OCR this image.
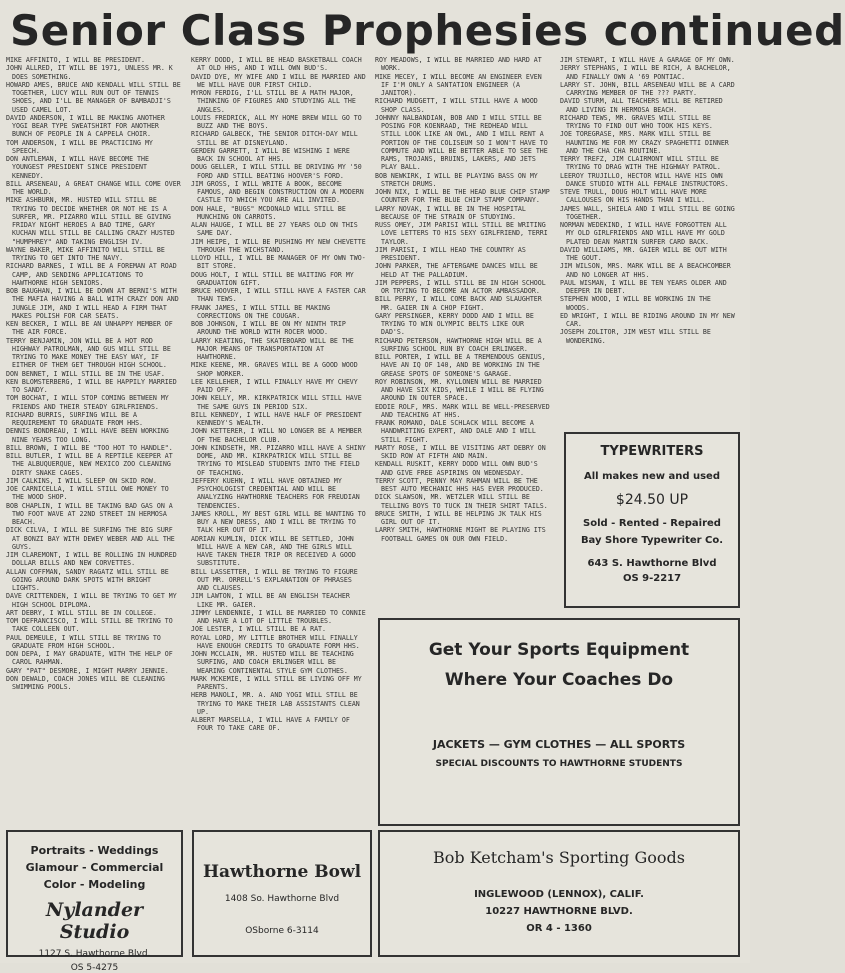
Senior Class Prophesies continued

MIKE AFFINITO, I WILL BE PRESIDENT.

JOHN ALLRED, IT WILL BE 1971, UNLESS MR. K DOES SOMETHING.

HOWARD AMES, BRUCE AND KENDALL WILL STILL BE TOGETHER, LUCY WILL RUN OUT OF TENNIS SHOES, AND I'LL BE MANAGER OF BAMBADJI'S USED CAMEL LOT.

DAVID ANDERSON, I WILL BE MAKING ANOTHER YOGI BEAR TYPE SWEATSHIRT FOR ANOTHER BUNCH OF PEOPLE IN A CAPPELA CHOIR.

TOM ANDERSON, I WILL BE PRACTICING MY SPEECH.

DON ANTLEMAN, I WILL HAVE BECOME THE YOUNGEST PRESIDENT SINCE PRESIDENT KENNEDY.

BILL ARSENEAU, A GREAT CHANGE WILL COME OVER THE WORLD.

MIKE ASHBURN, MR. HUSTED WILL STILL BE TRYING TO DECIDE WHETHER OR NOT HE IS A SURFER, MR. PIZARRO WILL STILL BE GIVING FRIDAY NIGHT HEROES A BAD TIME, GARY KUCHAN WILL STILL BE CALLING CRAZY HUSTED "HUMPHREY" AND TAKING ENGLISH IV.

WAYNE BAKER, MIKE AFFINITO WILL STILL BE TRYING TO GET INTO THE NAVY.

RICHARD BARNES, I WILL BE A FOREMAN AT ROAD CAMP, AND SENDING APPLICATIONS TO HAWTHORNE HIGH SENIORS.

BOB BAUGHAN, I WILL BE DOWN AT BERNI'S WITH THE MAFIA HAVING A BALL WITH CRAZY DON AND JUNGLE JIM, AND I WILL HEAD A FIRM THAT MAKES POLISH FOR CAR SEATS.

KEN BECKER, I WILL BE AN UNHAPPY MEMBER OF THE AIR FORCE.

TERRY BENJAMIN, JON WILL BE A HOT ROD HIGHWAY PATROLMAN, AND GUS WILL STILL BE TRYING TO MAKE MONEY THE EASY WAY, IF EITHER OF THEM GET THROUGH HIGH SCHOOL.

DON BENNET, I WILL STILL BE IN THE USAF.

KEN BLOMSTERBERG, I WILL BE HAPPILY MARRIED TO SANDY.

TOM BOCHAT, I WILL STOP COMING BETWEEN MY FRIENDS AND THEIR STEADY GIRLFRIENDS.

RICHARD BURRIS, SURFING WILL BE A REQUIREMENT TO GRADUATE FROM HHS.

DENNIS BONDREAU, I WILL HAVE BEEN WORKING NINE YEARS TOO LONG.

BILL BROWN, I WILL BE "TOO HOT TO HANDLE".

BILL BUTLER, I WILL BE A REPTILE KEEPER AT THE ALBUQUERQUE, NEW MEXICO ZOO CLEANING DIRTY SNAKE CAGES.

JIM CALKINS, I WILL SLEEP ON SKID ROW.

JOE CARNICELLA, I WILL STILL OWE MONEY TO THE WOOD SHOP.

BOB CHAPLIN, I WILL BE TAKING BAD GAS ON A TWO FOOT WAVE AT 22ND STREET IN HERMOSA BEACH.

DICK CILVA, I WILL BE SURFING THE BIG SURF AT BONZI BAY WITH DEWEY WEBER AND ALL THE GUYS.

JIM CLAREMONT, I WILL BE ROLLING IN HUNDRED DOLLAR BILLS AND NEW CORVETTES.

ALLAN COFFMAN, SANDY RAGATZ WILL STILL BE GOING AROUND DARK SPOTS WITH BRIGHT LIGHTS.

DAVE CRITTENDEN, I WILL BE TRYING TO GET MY HIGH SCHOOL DIPLOMA.

ART DEBRY, I WILL STILL BE IN COLLEGE.

TOM DEFRANCISCO, I WILL STILL BE TRYING TO TAKE COLLEEN OUT.

PAUL DEMEULE, I WILL STILL BE TRYING TO GRADUATE FROM HIGH SCHOOL.

DON DEPA, I MAY GRADUATE, WITH THE HELP OF CAROL RAHMAN.

GARY "PAT" DESMORE, I MIGHT MARRY JENNIE.

DON DEWALD, COACH JONES WILL BE CLEANING SWIMMING POOLS.

KERRY DODD, I WILL BE HEAD BASKETBALL COACH AT OLD HHS, AND I WILL OWN BUD'S.

DAVID DYE, MY WIFE AND I WILL BE MARRIED AND WE WILL HAVE OUR FIRST CHILD.

MYRON FERDIG, I'LL STILL BE A MATH MAJOR, THINKING OF FIGURES AND STUDYING ALL THE ANGLES.

LOUIS FREDRICK, ALL MY HOME BREW WILL GO TO BUZZ AND THE BOYS.

RICHARD GALBECK, THE SENIOR DITCH-DAY WILL STILL BE AT DISNEYLAND.

GERDEN GARRETT, I WILL BE WISHING I WERE BACK IN SCHOOL AT HHS.

DOUG GELLER, I WILL STILL BE DRIVING MY '50 FORD AND STILL BEATING HOOVER'S FORD.

JIM GROSS, I WILL WRITE A BOOK, BECOME FAMOUS, AND BEGIN CONSTRUCTION ON A MODERN CASTLE TO WHICH YOU ARE ALL INVITED.

DON HALE, "BUGS" MCDONALD WILL STILL BE MUNCHING ON CARROTS.

ALAN HAUGE, I WILL BE 27 YEARS OLD ON THIS SAME DAY.

JIM HEIPE, I WILL BE PUSHING MY NEW CHEVETTE THROUGH THE WICHSTAND.

LLOYD HILL, I WILL BE MANAGER OF MY OWN TWO-BIT STORE.

DOUG HOLT, I WILL STILL BE WAITING FOR MY GRADUATION GIFT.

BRUCE HOOVER, I WILL STILL HAVE A FASTER CAR THAN TEWS.

FRANK JAMES, I WILL STILL BE MAKING CORRECTIONS ON THE COUGAR.

BOB JOHNSON, I WILL BE ON MY NINTH TRIP AROUND THE WORLD WITH ROCER WOOD.

LARRY KEATING, THE SKATEBOARD WILL BE THE MAJOR MEANS OF TRANSPORTATION AT HAWTHORNE.

MIKE KEENE, MR. GRAVES WILL BE A GOOD WOOD SHOP WORKER.

LEE KELLEHER, I WILL FINALLY HAVE MY CHEVY PAID OFF.

JOHN KELLY, MR. KIRKPATRICK WILL STILL HAVE THE SAME GUYS IN PERIOD SIX.

BILL KENNEDY, I WILL HAVE HALF OF PRESIDENT KENNEDY'S WEALTH.

JOHN KETTERER, I WILL NO LONGER BE A MEMBER OF THE BACHELOR CLUB.

JOHN KINDSETH, MR. PIZARRO WILL HAVE A SHINY DOME, AND MR. KIRKPATRICK WILL STILL BE TRYING TO MISLEAD STUDENTS INTO THE FIELD OF TEACHING.

JEFFERY KUEHN, I WILL HAVE OBTAINED MY PSYCHOLOGIST CREDENTIAL AND WILL BE ANALYZING HAWTHORNE TEACHERS FOR FREUDIAN TENDENCIES.

JAMES KROLL, MY BEST GIRL WILL BE WANTING TO BUY A NEW DRESS, AND I WILL BE TRYING TO TALK HER OUT OF IT.

ADRIAN KUMLIN, DICK WILL BE SETTLED, JOHN WILL HAVE A NEW CAR, AND THE GIRLS WILL HAVE TAKEN THEIR TRIP OR RECEIVED A GOOD SUBSTITUTE.

BILL LASSETTER, I WILL BE TRYING TO FIGURE OUT MR. ORRELL'S EXPLANATION OF PHRASES AND CLAUSES.

JIM LAWTON, I WILL BE AN ENGLISH TEACHER LIKE MR. GAIER.

JIMMY LENDENNIE, I WILL BE MARRIED TO CONNIE AND HAVE A LOT OF LITTLE TROUBLES.

JOE LESTER, I WILL STILL BE A RAT.

ROYAL LORD, MY LITTLE BROTHER WILL FINALLY HAVE ENOUGH CREDITS TO GRADUATE FORM HHS.

JOHN MCCLAIN, MR. HUSTED WILL BE TEACHING SURFING, AND COACH ERLINGER WILL BE WEARING CONTINENTAL STYLE GYM CLOTHES.

MARK MCKEMIE, I WILL STILL BE LIVING OFF MY PARENTS.

HERB MANOLI, MR. A. AND YOGI WILL STILL BE TRYING TO MAKE THEIR LAB ASSISTANTS CLEAN UP.

ALBERT MARSELLA, I WILL HAVE A FAMILY OF FOUR TO TAKE CARE OF.

ROY MEADOWS, I WILL BE MARRIED AND HARD AT WORK.

MIKE MECEY, I WILL BECOME AN ENGINEER EVEN IF I'M ONLY A SANTATION ENGINEER (A JANITOR).

RICHARD MUDGETT, I WILL STILL HAVE A WOOD SHOP CLASS.

JOHNNY NALBANDIAN, BOB AND I WILL STILL BE POSING FOR KOENRAAD, THE REDHEAD WILL STILL LOOK LIKE AN OWL, AND I WILL RENT A PORTION OF THE COLISEUM SO I WON'T HAVE TO COMMUTE AND WILL BE BETTER ABLE TO SEE THE RAMS, TROJANS, BRUINS, LAKERS, AND JETS PLAY BALL.

BOB NEWKIRK, I WILL BE PLAYING BASS ON MY STRETCH DRUMS.

JOHN NIX, I WILL BE THE HEAD BLUE CHIP STAMP COUNTER FOR THE BLUE CHIP STAMP COMPANY.

LARRY NOVAK, I WILL BE IN THE HOSPITAL BECAUSE OF THE STRAIN OF STUDYING.

RUSS OMEY, JIM PARISI WILL STILL BE WRITING LOVE LETTERS TO HIS SEXY GIRLFRIEND, TERRI TAYLOR.

JIM PARISI, I WILL HEAD THE COUNTRY AS PRESIDENT.

JOHN PARKER, THE AFTERGAME DANCES WILL BE HELD AT THE PALLADIUM.

JIM PEPPERS, I WILL STILL BE IN HIGH SCHOOL OR TRYING TO BECOME AN ACTOR AMBASSADOR.

BILL PERRY, I WILL COME BACK AND SLAUGHTER MR. GAIER IN A CHOP FIGHT.

GARY PERSINGER, KERRY DODD AND I WILL BE TRYING TO WIN OLYMPIC BELTS LIKE OUR DAD'S.

RICHARD PETERSON, HAWTHORNE HIGH WILL BE A SURFING SCHOOL RUN BY COACH ERLINGER.

BILL PORTER, I WILL BE A TREMENDOUS GENIUS, HAVE AN IQ OF 140, AND BE WORKING IN THE GREASE SPOTS OF SOMEONE'S GARAGE.

ROY ROBINSON, MR. KYLLONEN WILL BE MARRIED AND HAVE SIX KIDS, WHILE I WILL BE FLYING AROUND IN OUTER SPACE.

EDDIE ROLF, MRS. MARK WILL BE WELL-PRESERVED AND TEACHING AT HHS.

FRANK ROMANO, DALE SCHLACK WILL BECOME A HANDWRITING EXPERT, AND DALE AND I WILL STILL FIGHT.

MARTY ROSE, I WILL BE VISITING ART DEBRY ON SKID ROW AT FIFTH AND MAIN.

KENDALL RUSKIT, KERRY DODD WILL OWN BUD'S AND GIVE FREE ASPIRINS ON WEDNESDAY.

TERRY SCOTT, PENNY MAY RAHMAN WILL BE THE BEST AUTO MECHANIC HHS HAS EVER PRODUCED.

DICK SLAWSON, MR. WETZLER WILL STILL BE TELLING BOYS TO TUCK IN THEIR SHIRT TAILS.

BRUCE SMITH, I WILL BE HELPING JK TALK HIS GIRL OUT OF IT.

LARRY SMITH, HAWTHORNE MIGHT BE PLAYING ITS FOOTBALL GAMES ON OUR OWN FIELD.

JIM STEWART, I WILL HAVE A GARAGE OF MY OWN.

JERRY STEPHANS, I WILL BE RICH, A BACHELOR, AND FINALLY OWN A '69 PONTIAC.

LARRY ST. JOHN, BILL ARSENEAU WILL BE A CARD CARRYING MEMBER OF THE ??? PARTY.

DAVID STURM, ALL TEACHERS WILL BE RETIRED AND LIVING IN HERMOSA BEACH.

RICHARD TEWS, MR. GRAVES WILL STILL BE TRYING TO FIND OUT WHO TOOK HIS KEYS.

JOE TOREGRASE, MRS. MARK WILL STILL BE HAUNTING ME FOR MY CRAZY SPAGHETTI DINNER AND THE CHA CHA ROUTINE.

TERRY TREFZ, JIM CLAIRMONT WILL STILL BE TRYING TO DRAG WITH THE HIGHWAY PATROL.

LEEROY TRUJILLO, HECTOR WILL HAVE HIS OWN DANCE STUDIO WITH ALL FEMALE INSTRUCTORS.

STEVE TRULL, DOUG HOLT WILL HAVE MORE CALLOUSES ON HIS HANDS THAN I WILL.

JAMES WALL, SHIELA AND I WILL STILL BE GOING TOGETHER.

NORMAN WEDEKIND, I WILL HAVE FORGOTTEN ALL MY OLD GIRLFRIENDS AND WILL HAVE MY GOLD PLATED DEAN MARTIN SURFER CARD BACK.

DAVID WILLIAMS, MR. GAIER WILL BE OUT WITH THE GOUT.

JIM WILSON, MRS. MARK WILL BE A BEACHCOMBER AND NO LONGER AT HHS.

PAUL WISMAN, I WILL BE TEN YEARS OLDER AND DEEPER IN DEBT.

STEPHEN WOOD, I WILL BE WORKING IN THE WOODS.

ED WRIGHT, I WILL BE RIDING AROUND IN MY NEW CAR.

JOSEPH ZOLITOR, JIM WEST WILL STILL BE WONDERING.

TYPEWRITERS
All makes new and used
$24.50 UP
Sold - Rented - Repaired
Bay Shore Typewriter Co.
643 S. Hawthorne Blvd
OS 9-2217
Get Your Sports Equipment
Where Your Coaches Do
JACKETS — GYM CLOTHES — ALL SPORTS
SPECIAL DISCOUNTS TO HAWTHORNE STUDENTS
Portraits - Weddings
Glamour - Commercial
Color - Modeling
Nylander Studio
1127 S. Hawthorne Blvd.
OS 5-4275
Hawthorne Bowl
1408 So. Hawthorne Blvd
OSborne 6-3114
Bob Ketcham's Sporting Goods
INGLEWOOD (LENNOX), CALIF.
10227 HAWTHORNE BLVD.
OR 4 - 1360
